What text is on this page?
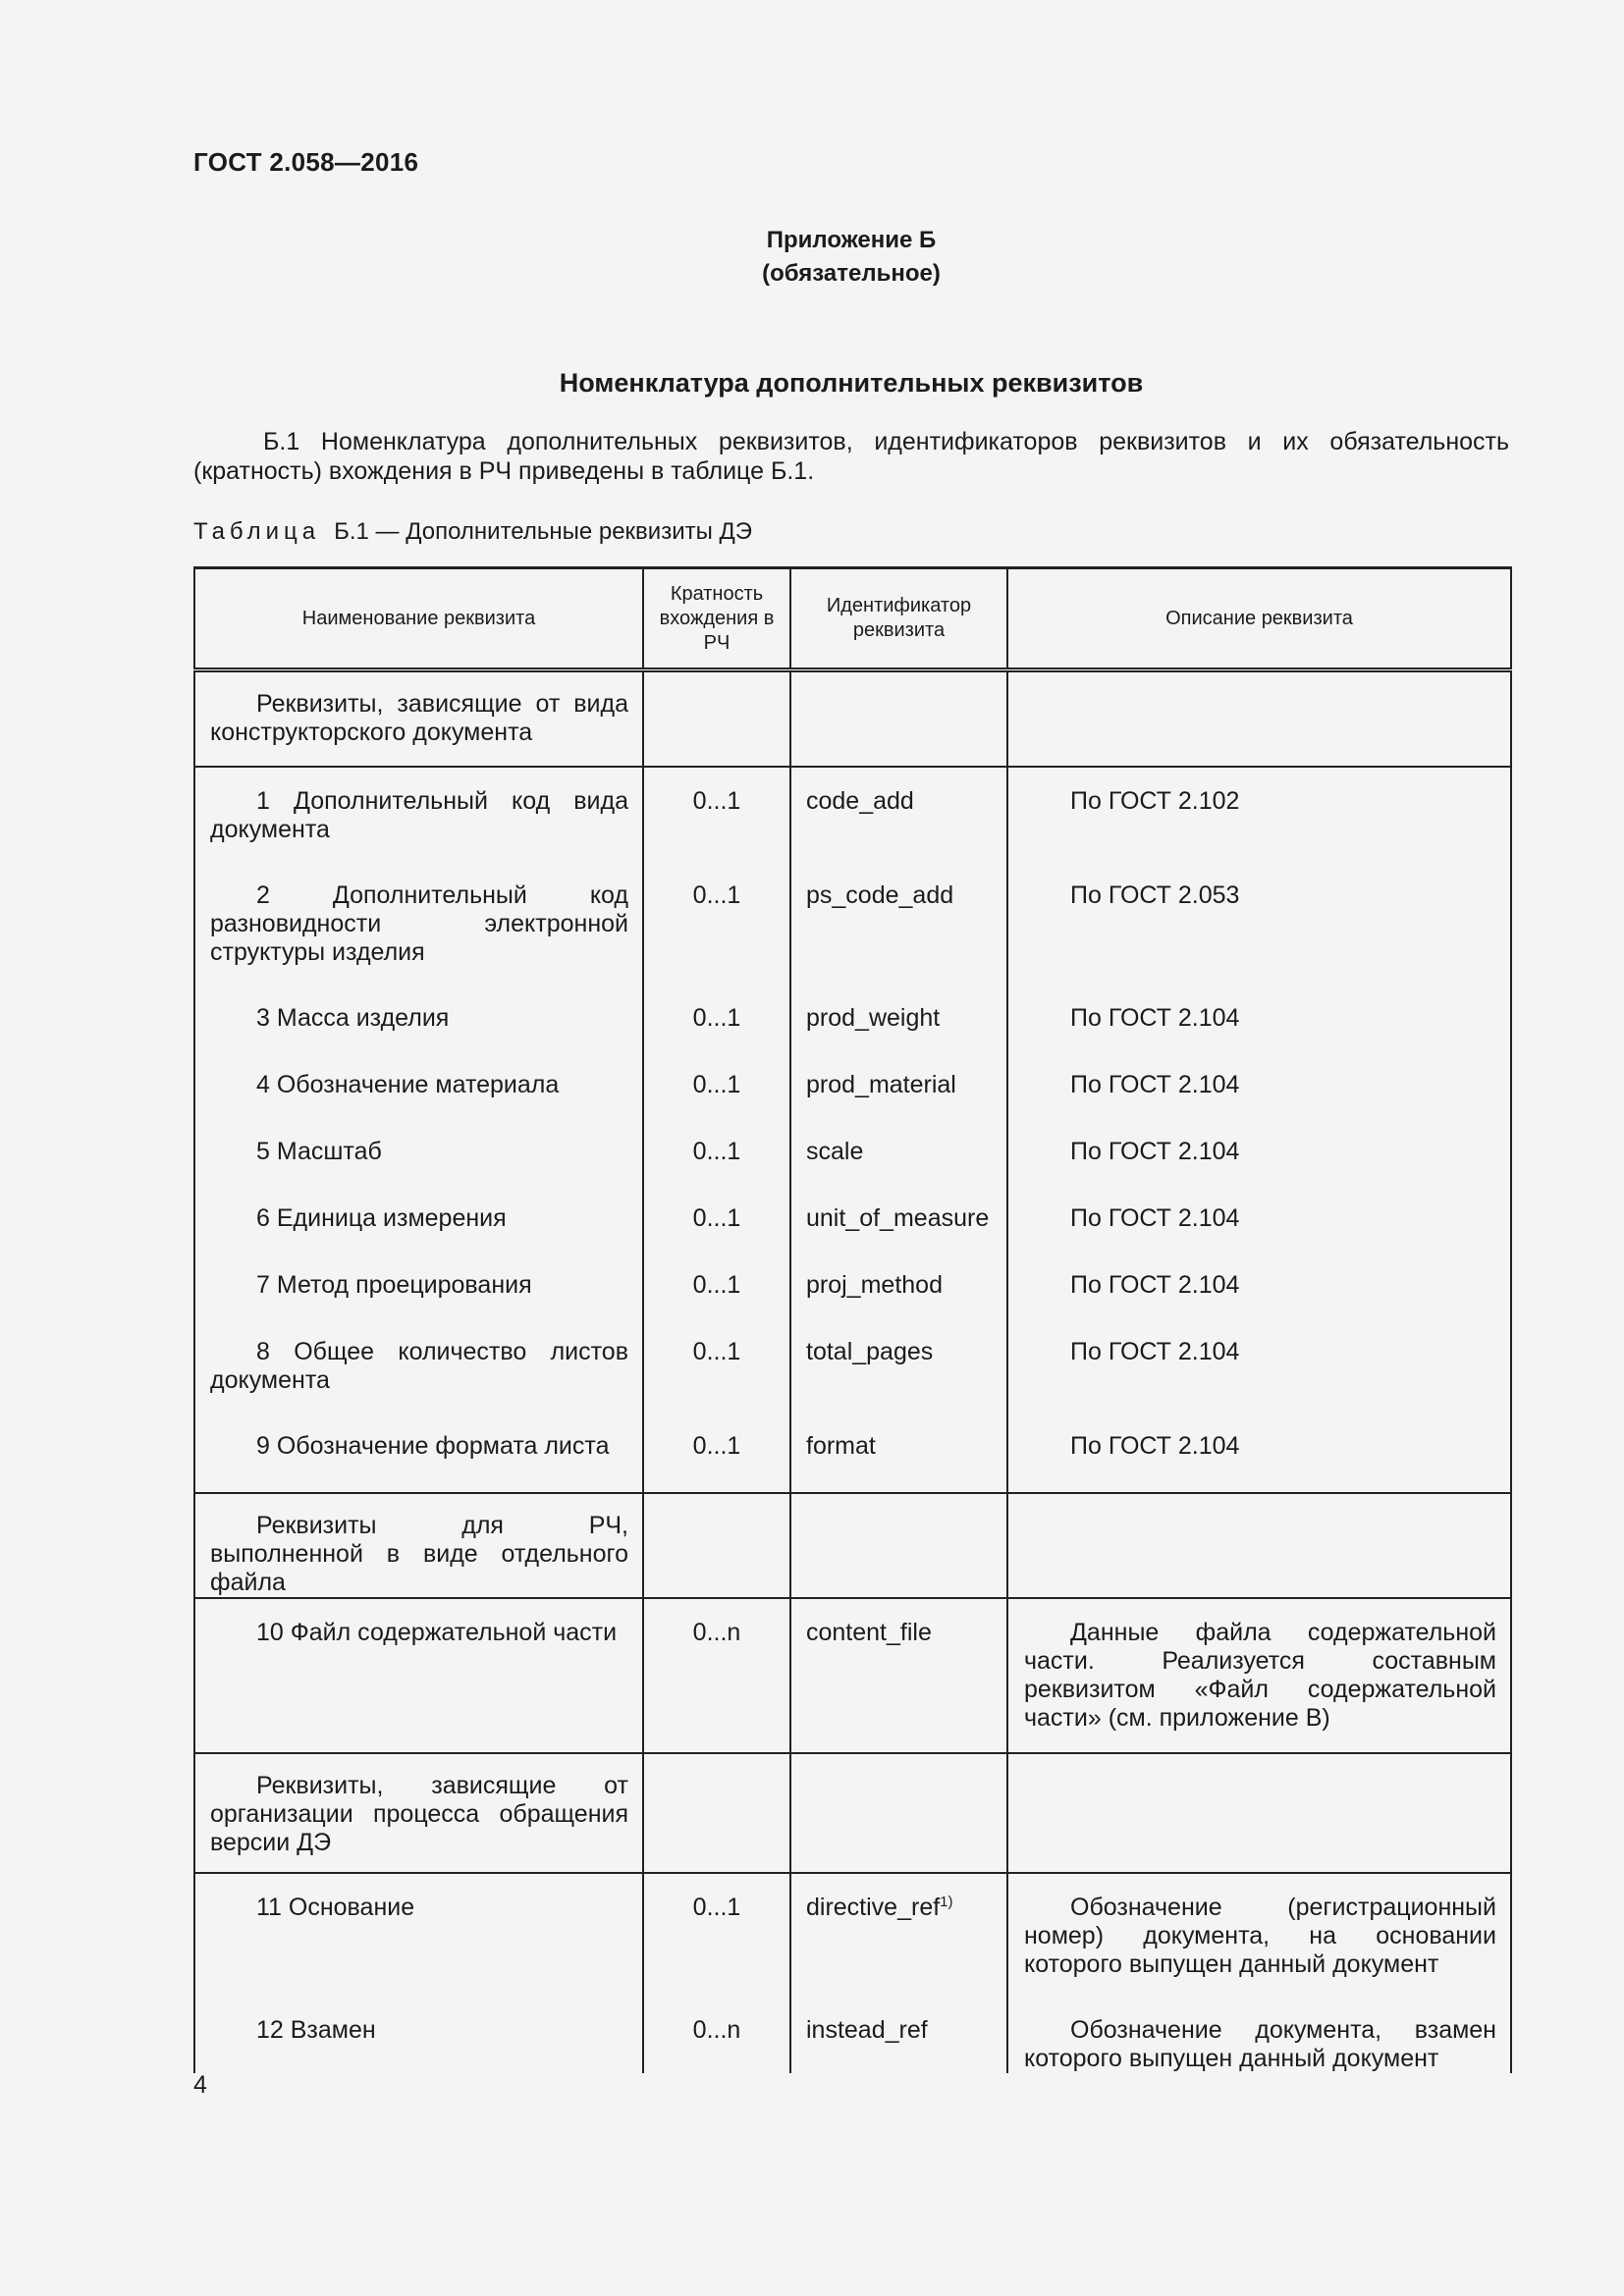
ГОСТ 2.058—2016
Приложение Б
(обязательное)
Номенклатура дополнительных реквизитов
Б.1 Номенклатура дополнительных реквизитов, идентификаторов реквизитов и их обязательность (кратность) вхождения в РЧ приведены в таблице Б.1.
Таблица Б.1 — Дополнительные реквизиты ДЭ
Наименование реквизита	Кратность вхождения в РЧ	Идентификатор реквизита	Описание реквизита

Реквизиты, зависящие от вида конструкторского документа			

1 Дополнительный код вида документа	0...1	code_add	По ГОСТ 2.102

2 Дополнительный код разновидности электронной структуры изделия	0...1	ps_code_add	По ГОСТ 2.053

3 Масса изделия	0...1	prod_weight	По ГОСТ 2.104

4 Обозначение материала	0...1	prod_material	По ГОСТ 2.104

5 Масштаб	0...1	scale	По ГОСТ 2.104

6 Единица измерения	0...1	unit_of_measure	По ГОСТ 2.104

7 Метод проецирования	0...1	proj_method	По ГОСТ 2.104

8 Общее количество листов документа	0...1	total_pages	По ГОСТ 2.104

9 Обозначение формата листа	0...1	format	По ГОСТ 2.104

Реквизиты для РЧ, выполненной в виде отдельного файла			

10 Файл содержательной части	0...n	content_file	Данные файла содержательной части. Реализуется составным реквизитом «Файл содержательной части» (см. приложение В)

Реквизиты, зависящие от организации процесса обращения версии ДЭ			

11 Основание	0...1	directive_ref$^{1)}$	Обозначение (регистрационный номер) документа, на основании которого выпущен данный документ

12 Взамен	0...n	instead_ref	Обозначение документа, взамен которого выпущен данный документ
4
